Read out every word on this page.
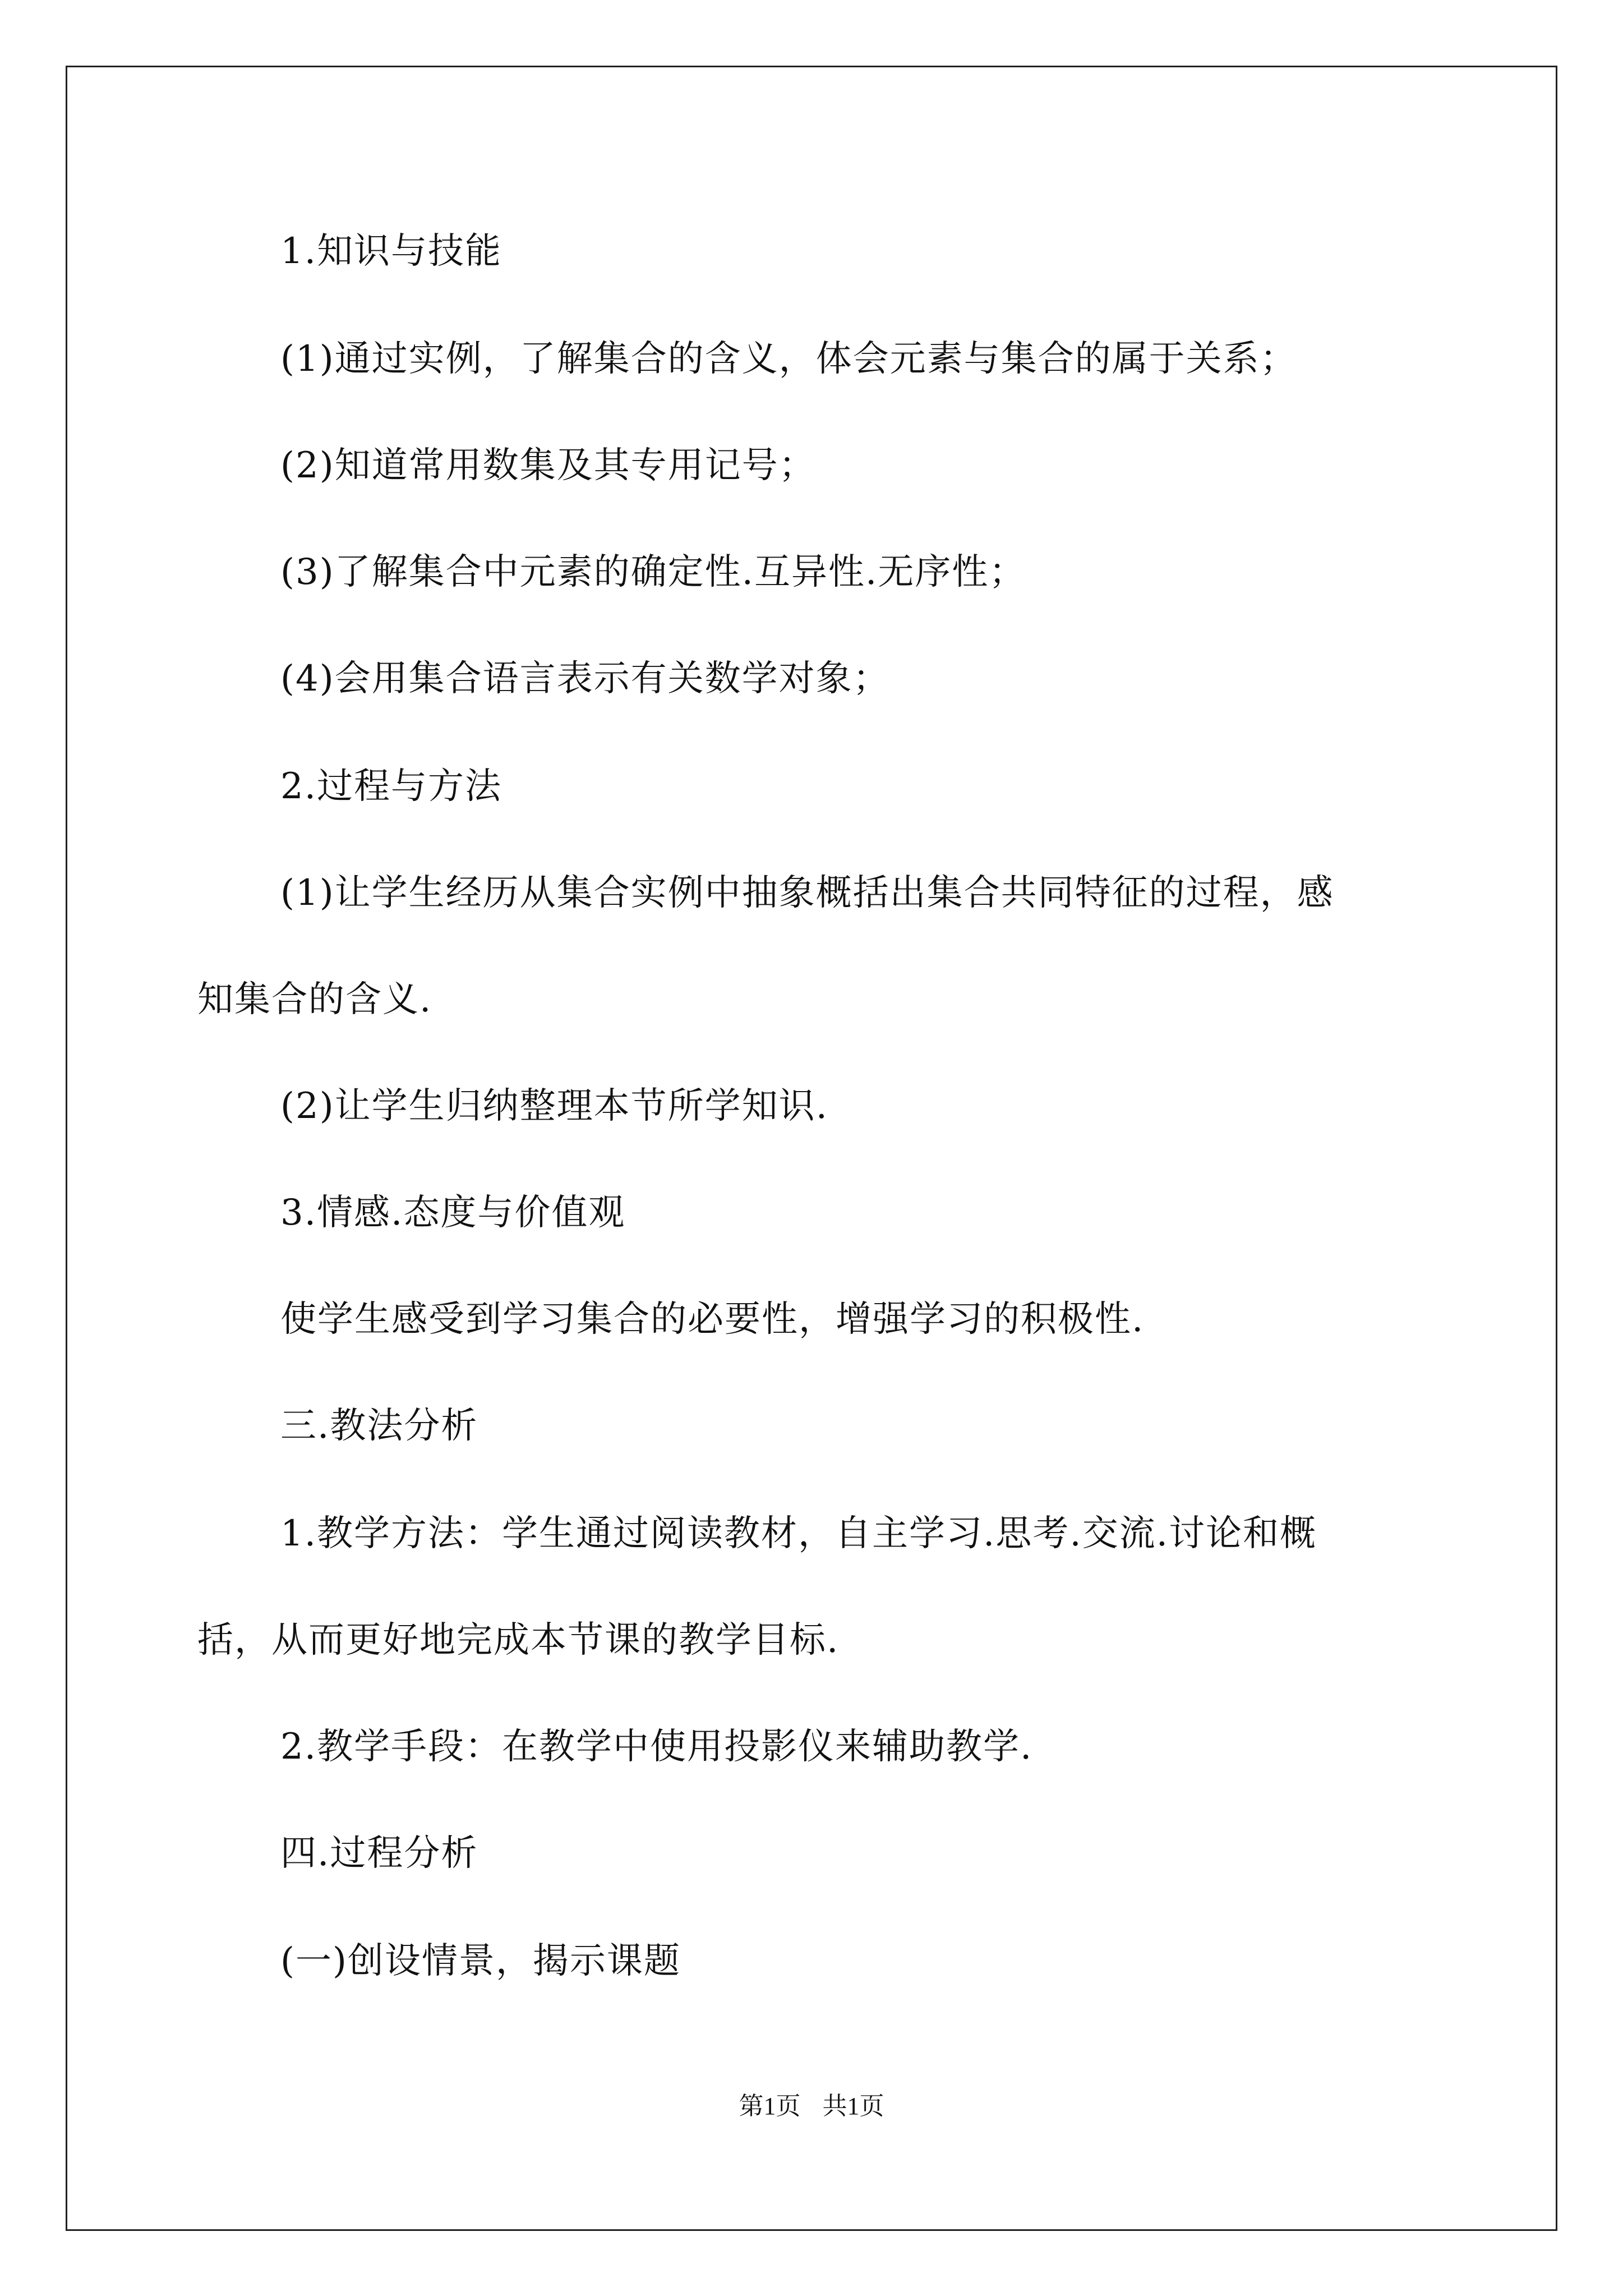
1.知识与技能
(1)通过实例，了解集合的含义，体会元素与集合的属于关系；
(2)知道常用数集及其专用记号；
(3)了解集合中元素的确定性.互异性.无序性；
(4)会用集合语言表示有关数学对象；
2.过程与方法
(1)让学生经历从集合实例中抽象概括出集合共同特征的过程，感
知集合的含义.
(2)让学生归纳整理本节所学知识.
3.情感.态度与价值观
使学生感受到学习集合的必要性，增强学习的积极性.
三.教法分析
1.教学方法：学生通过阅读教材，自主学习.思考.交流.讨论和概
括，从而更好地完成本节课的教学目标.
2.教学手段：在教学中使用投影仪来辅助教学.
四.过程分析
(一)创设情景，揭示课题
第1页 共1页
